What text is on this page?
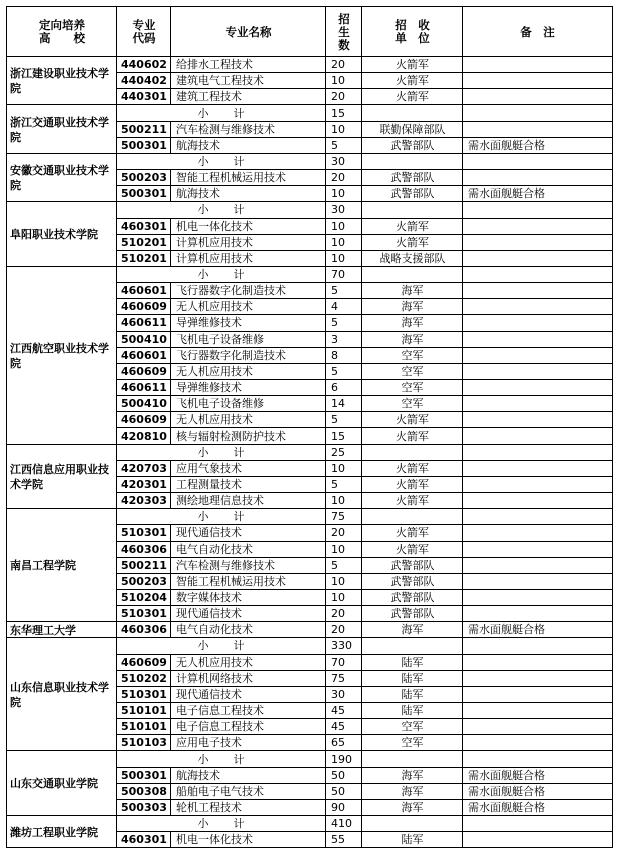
定向培养
高　　校
专业
代码	专业名称
招
生
数
招　收
单　位	备　注
浙江建设职业技术学院
440602 给排水工程技术	20	火箭军
440402 建筑电气工程技术	10	火箭军
440301 建筑工程技术	20	火箭军
浙江交通职业技术学院
小　　计	15
500211 汽车检测与维修技术	10	联勤保障部队
500301 航海技术	5	武警部队	需水面舰艇合格
安徽交通职业技术学院
小　　计	30
500203 智能工程机械运用技术	20	武警部队
500301 航海技术	10	武警部队	需水面舰艇合格
阜阳职业技术学院
小　　计	30
460301 机电一体化技术	10	火箭军
510201 计算机应用技术	10	火箭军
510201 计算机应用技术	10	战略支援部队
江西航空职业技术学院
小　　计	70
460601 飞行器数字化制造技术	5	海军
460609 无人机应用技术	4	海军
460611 导弹维修技术	5	海军
500410 飞机电子设备维修	3	海军
460601 飞行器数字化制造技术	8	空军
460609 无人机应用技术	5	空军
460611 导弹维修技术	6	空军
500410 飞机电子设备维修	14	空军
460609 无人机应用技术	5	火箭军
420810 核与辐射检测防护技术	15	火箭军
江西信息应用职业技术学院
小　　计	25
420703 应用气象技术	10	火箭军
420301 工程测量技术	5	火箭军
420303 测绘地理信息技术	10	火箭军
南昌工程学院
小　　计	75
510301 现代通信技术	20	火箭军
460306 电气自动化技术	10	火箭军
500211 汽车检测与维修技术	5	武警部队
500203 智能工程机械运用技术	10	武警部队
510204 数字媒体技术	10	武警部队
510301 现代通信技术	20	武警部队
东华理工大学	460306 电气自动化技术	20	海军	需水面舰艇合格
山东信息职业技术学院
小　　计	330
460609 无人机应用技术	70	陆军
510202 计算机网络技术	75	陆军
510301 现代通信技术	30	陆军
510101 电子信息工程技术	45	陆军
510101 电子信息工程技术	45	空军
510103 应用电子技术	65	空军
山东交通职业学院
小　　计	190
500301 航海技术	50	海军	需水面舰艇合格
500308 船舶电子电气技术	50	海军	需水面舰艇合格
500303 轮机工程技术	90	海军	需水面舰艇合格
潍坊工程职业学院
小　　计	410
460301 机电一体化技术	55	陆军
